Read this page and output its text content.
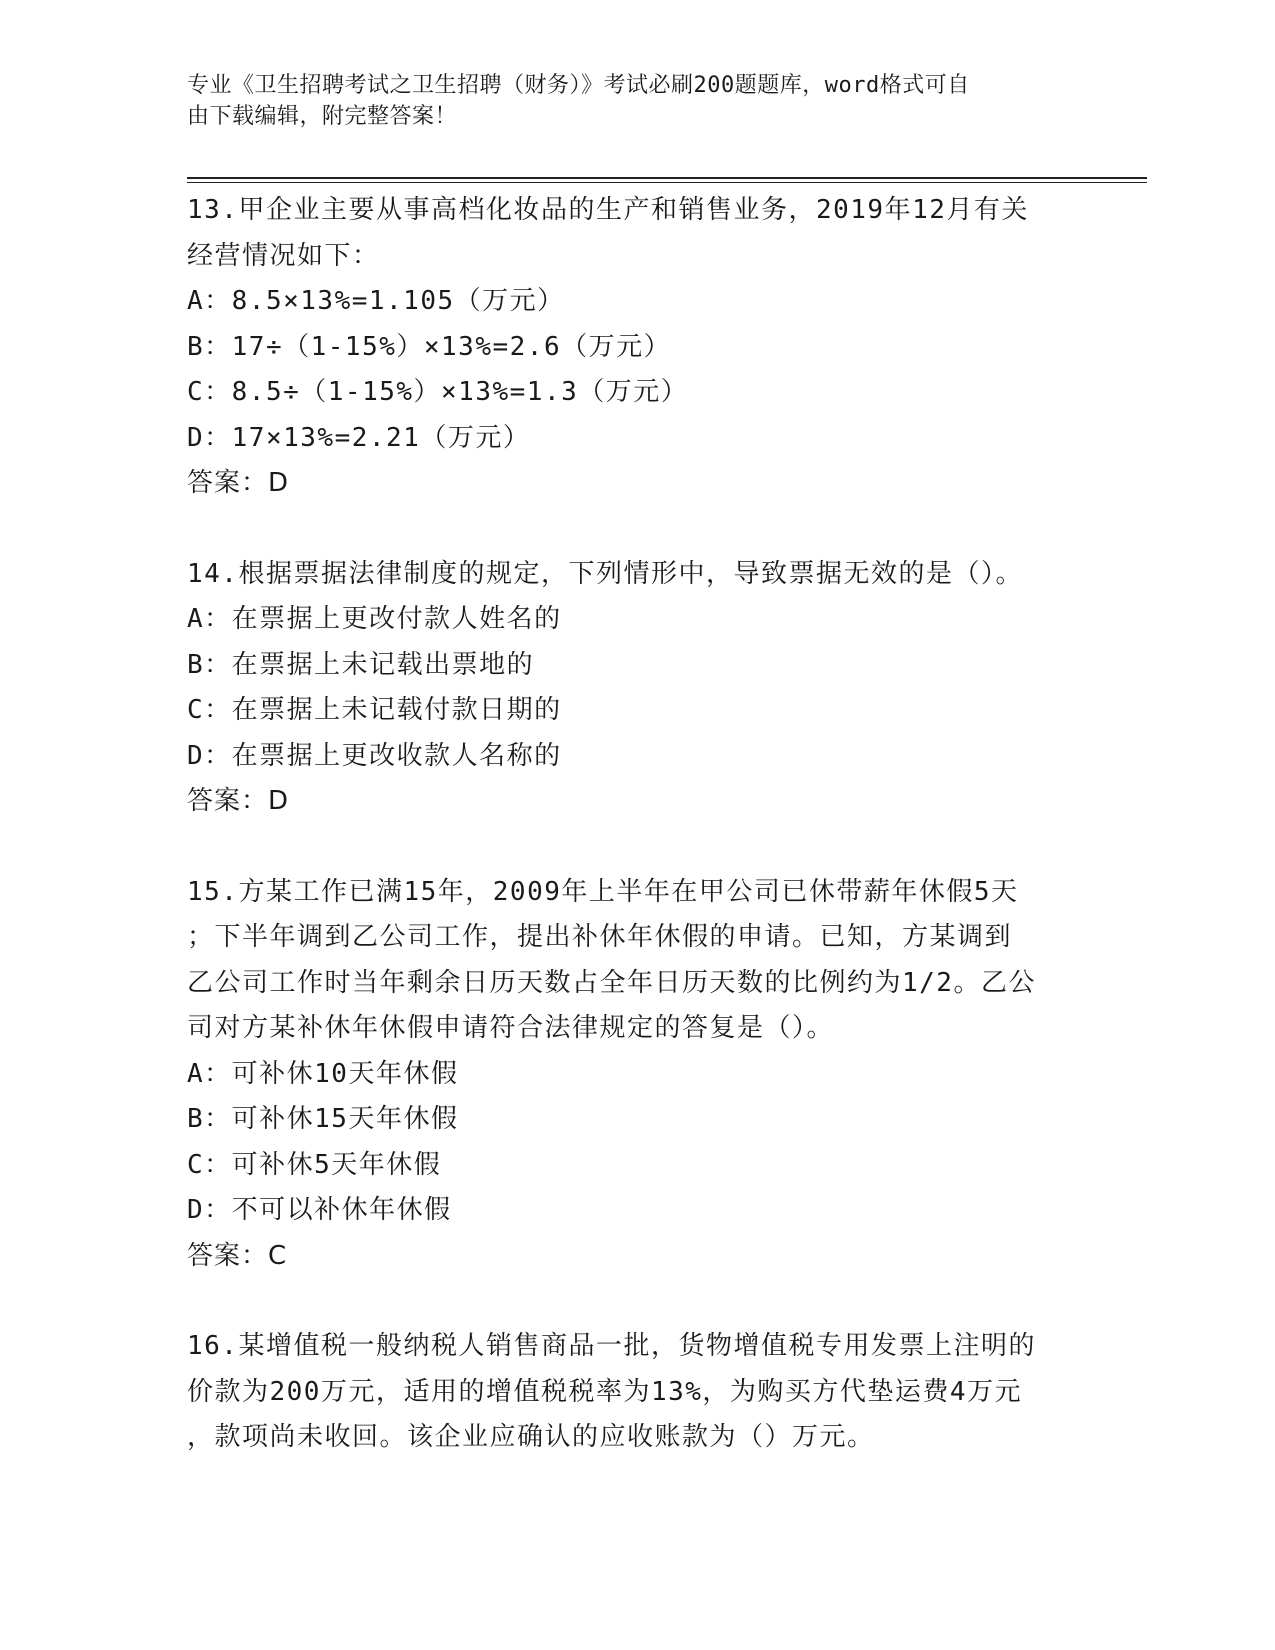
专业《卫生招聘考试之卫生招聘（财务）》考试必刷200题题库，word格式可自
由下载编辑，附完整答案！
13.甲企业主要从事高档化妆品的生产和销售业务，2019年12月有关
经营情况如下：
A：8.5×13%=1.105（万元）
B：17÷（1-15%）×13%=2.6（万元）
C：8.5÷（1-15%）×13%=1.3（万元）
D：17×13%=2.21（万元）
答案：D
14.根据票据法律制度的规定，下列情形中，导致票据无效的是（）。
A：在票据上更改付款人姓名的
B：在票据上未记载出票地的
C：在票据上未记载付款日期的
D：在票据上更改收款人名称的
答案：D
15.方某工作已满15年，2009年上半年在甲公司已休带薪年休假5天
；下半年调到乙公司工作，提出补休年休假的申请。已知，方某调到
乙公司工作时当年剩余日历天数占全年日历天数的比例约为1/2。乙公
司对方某补休年休假申请符合法律规定的答复是（）。
A：可补休10天年休假
B：可补休15天年休假
C：可补休5天年休假
D：不可以补休年休假
答案：C
16.某增值税一般纳税人销售商品一批，货物增值税专用发票上注明的
价款为200万元，适用的增值税税率为13%，为购买方代垫运费4万元
，款项尚未收回。该企业应确认的应收账款为（）万元。
